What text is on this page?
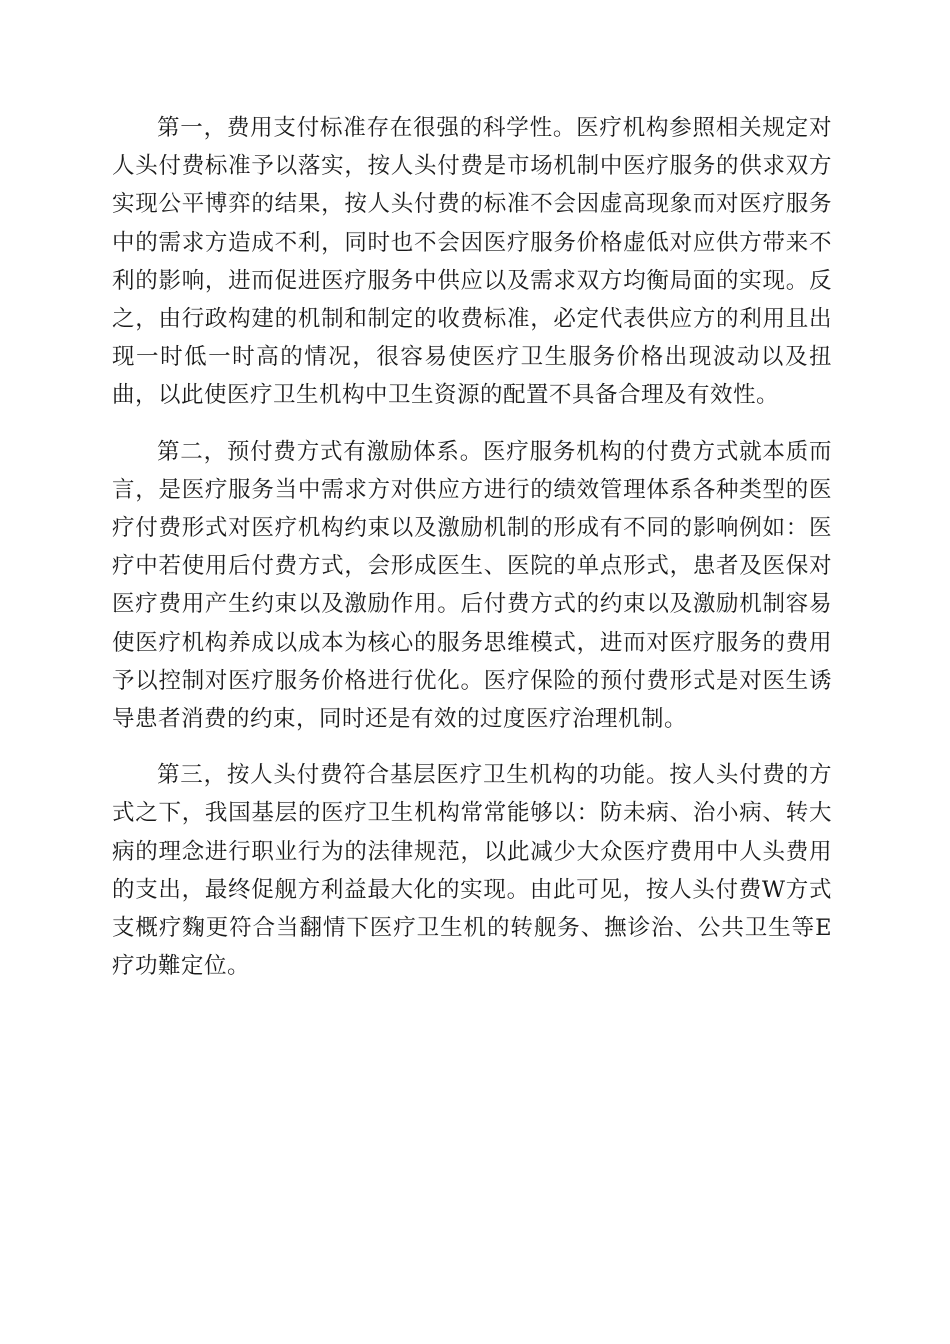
第一，费用支付标准存在很强的科学性。医疗机构参照相关规定对人头付费标准予以落实，按人头付费是市场机制中医疗服务的供求双方实现公平博弈的结果，按人头付费的标准不会因虚高现象而对医疗服务中的需求方造成不利，同时也不会因医疗服务价格虚低对应供方带来不利的影响，进而促进医疗服务中供应以及需求双方均衡局面的实现。反之，由行政构建的机制和制定的收费标准，必定代表供应方的利用且出现一时低一时高的情况，很容易使医疗卫生服务价格出现波动以及扭曲，以此使医疗卫生机构中卫生资源的配置不具备合理及有效性。

第二，预付费方式有激励体系。医疗服务机构的付费方式就本质而言，是医疗服务当中需求方对供应方进行的绩效管理体系各种类型的医疗付费形式对医疗机构约束以及激励机制的形成有不同的影响例如：医疗中若使用后付费方式，会形成医生、医院的单点形式，患者及医保对医疗费用产生约束以及激励作用。后付费方式的约束以及激励机制容易使医疗机构养成以成本为核心的服务思维模式，进而对医疗服务的费用予以控制对医疗服务价格进行优化。医疗保险的预付费形式是对医生诱导患者消费的约束，同时还是有效的过度医疗治理机制。

第三，按人头付费符合基层医疗卫生机构的功能。按人头付费的方式之下，我国基层的医疗卫生机构常常能够以：防未病、治小病、转大病的理念进行职业行为的法律规范，以此减少大众医疗费用中人头费用的支出，最终促舰方利益最大化的实现。由此可见，按人头付费W方式支概疗麴更符合当翻情下医疗卫生机的转舰务、撫诊治、公共卫生等E疗功難定位。
